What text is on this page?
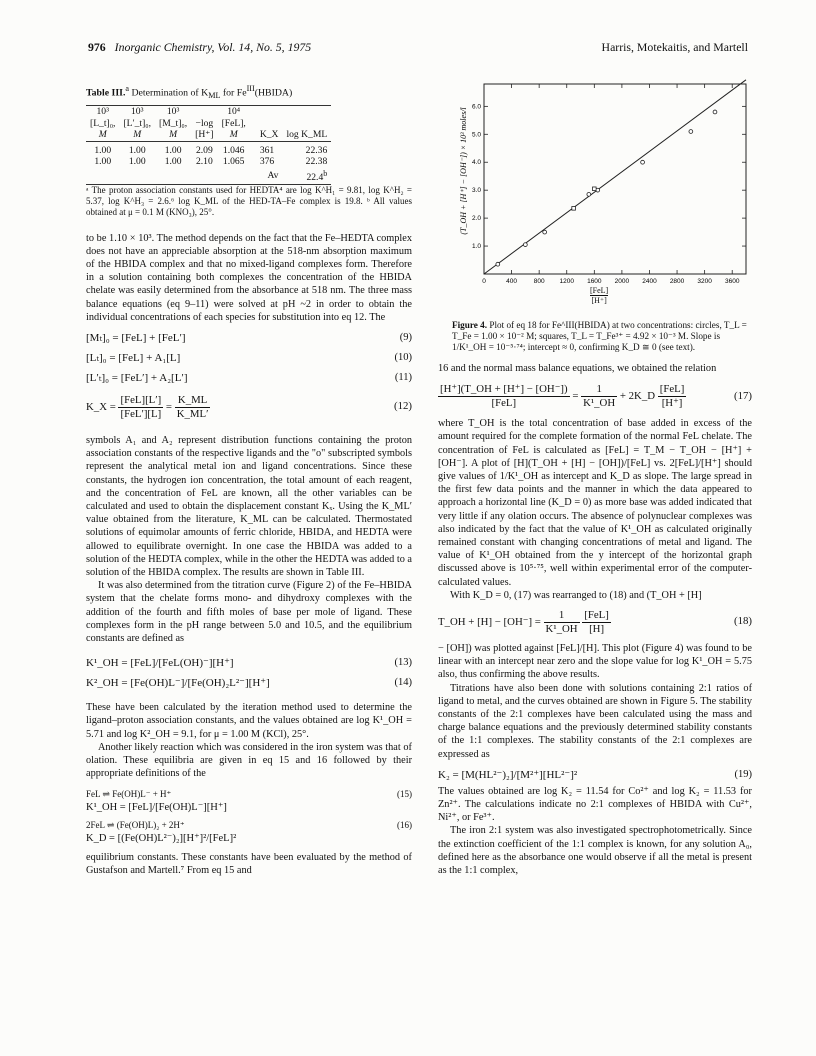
976 Inorganic Chemistry, Vol. 14, No. 5, 1975	Harris, Motekaitis, and Martell
Table III.$^a$ Determination of $K_{ML}$ for $Fe^{III}(HBIDA)$
10³	10³	10³		10⁴		
[L_t]₀,	[L′_t]₀,	[M_t]₀,	−log	[FeL],		
M	M	M	[H⁺]	M	K_X	log K_ML
1.00	1.00	1.00	2.09	1.046	361	22.36
1.00	1.00	1.00	2.10	1.065	376	22.38
					Av	22.4$^b$

ᵃ The proton association constants used for HEDTA⁴ are log K^H₁ = 9.81, log K^H₂ = 5.37, log K^H₃ = 2.6.⁶ log K_ML of the HED-TA–Fe complex is 19.8. ᵇ All values obtained at μ = 0.1 M (KNO₃), 25°.

to be 1.10 × 10³. The method depends on the fact that the Fe–HEDTA complex does not have an appreciable absorption at the 518-nm absorption maximum of the HBIDA complex and that no mixed-ligand complexes form. Therefore in a solution containing both complexes the concentration of the HBIDA chelate was easily determined from the absorbance at 518 nm. The three mass balance equations (eq 9–11) were solved at pH ~2 in order to obtain the individual concentrations of each species for substitution into eq 12. The

[Mₜ]₀ = [FeL] + [FeL′]	(9)
[Lₜ]₀ = [FeL] + A₁[L]	(10)
[L′ₜ]₀ = [FeL′] + A₂[L′]	(11)
K_X = $\frac{\text{[FeL][L′]}}{\text{[FeL′][L]}} = \frac{K\_ML}{K\_ML'}$	(12)

symbols A₁ and A₂ represent distribution functions containing the proton association constants of the respective ligands and the "o" subscripted symbols represent the analytical metal ion and ligand concentrations. Since these constants, the hydrogen ion concentration, the total amount of each reagent, and the concentration of FeL are known, all the other variables can be calculated and used to obtain the displacement constant Kₓ. Using the K_ML′ value obtained from the literature, K_ML can be calculated. Thermostated solutions of equimolar amounts of ferric chloride, HBIDA, and HEDTA were allowed to equilibrate overnight. In one case the HBIDA was added to a solution of the HEDTA complex, while in the other the HEDTA was added to a solution of the HBIDA complex. The results are shown in Table III.

It was also determined from the titration curve (Figure 2) of the Fe–HBIDA system that the chelate forms mono- and dihydroxy complexes with the addition of the fourth and fifth moles of base per mole of ligand. These complexes form in the pH range between 5.0 and 10.5, and the equilibrium constants are defined as

K¹_OH = [FeL]/[FeL(OH)⁻][H⁺]	(13)
K²_OH = [Fe(OH)L⁻]/[Fe(OH)₂L²⁻][H⁺]	(14)

These have been calculated by the iteration method used to determine the ligand–proton association constants, and the values obtained are log K¹_OH = 5.71 and log K²_OH = 9.1, for μ = 1.00 M (KCl), 25°.

Another likely reaction which was considered in the iron system was that of olation. These equilibria are given in eq 15 and 16 followed by their appropriate definitions of the

FeL ⇌ Fe(OH)L⁻ + H⁺	(15)
K¹_OH = [FeL]/[Fe(OH)L⁻][H⁺]
2FeL ⇌ (Fe(OH)L)₂ + 2H⁺	(16)
K_D = [(Fe(OH)L²⁻)₂][H⁺]²/[FeL]²

equilibrium constants. These constants have been evaluated by the method of Gustafson and Martell.⁷ From eq 15 and

(T_OH + [H⁺] − [OH⁻]) × 10³ moles/l
0	400	800 1200 1600 2000 2400 2800 3200 3600
1.0
2.0
3.0
4.0
5.0
6.0
[FeL]
[H⁺]
Figure 4. Plot of eq 18 for Fe^III(HBIDA) at two concentrations: circles, T_L = T_Fe = 1.00 × 10⁻² M; squares, T_L = T_Fe³⁺ = 4.92 × 10⁻³ M. Slope is 1/K¹_OH = 10⁻⁵·⁷⁴; intercept ≈ 0, confirming K_D ≅ 0 (see text).

16 and the normal mass balance equations, we obtained the relation

$\frac{[H^+](T\_OH + [H^+] - [OH^-])}{\text{[FeL]}} = \frac{1}{\text{K¹\_OH}}$ + 2K_D $\frac{\text{[FeL]}}{[H^+]}$	(17)

where T_OH is the total concentration of base added in excess of the amount required for the complete formation of the normal FeL chelate. The concentration of FeL is calculated as [FeL] = T_M − T_OH − [H⁺] + [OH⁻]. A plot of [H](T_OH + [H] − [OH])/[FeL] vs. 2[FeL]/[H⁺] should give values of 1/K¹_OH as intercept and K_D as slope. The large spread in the first few data points and the manner in which the data appeared to approach a horizontal line (K_D = 0) as more base was added indicated that very little if any olation occurs. The absence of polynuclear complexes was also indicated by the fact that the value of K¹_OH as calculated originally remained constant with changing concentrations of metal and ligand. The value of K¹_OH obtained from the y intercept of the horizontal graph discussed above is 10⁵·⁷⁵, well within experimental error of the computer-calculated values.

With K_D = 0, (17) was rearranged to (18) and (T_OH + [H]

T_OH + $[H] - [OH^-] = \frac{1}{\text{K¹\_OH}}$
$\frac{\text{[FeL]}}{[H]}$	(18)

− [OH]) was plotted against [FeL]/[H]. This plot (Figure 4) was found to be linear with an intercept near zero and the slope value for log K¹_OH = 5.75 also, thus confirming the above results.

Titrations have also been done with solutions containing 2:1 ratios of ligand to metal, and the curves obtained are shown in Figure 5. The stability constants of the 2:1 complexes have been calculated using the mass and charge balance equations and the previously determined stability constants of the 1:1 complexes. The stability constants of the 2:1 complexes are expressed as

K₂ = [M(HL²⁻)₂]/[M²⁺][HL²⁻]²	(19)

The values obtained are log K₂ = 11.54 for Co²⁺ and log K₂ = 11.53 for Zn²⁺. The calculations indicate no 2:1 complexes of HBIDA with Cu²⁺, Ni²⁺, or Fe³⁺.

The iron 2:1 system was also investigated spectrophotometrically. Since the extinction coefficient of the 1:1 complex is known, for any solution A₀, defined here as the absorbance one would observe if all the metal is present as the 1:1 complex,
